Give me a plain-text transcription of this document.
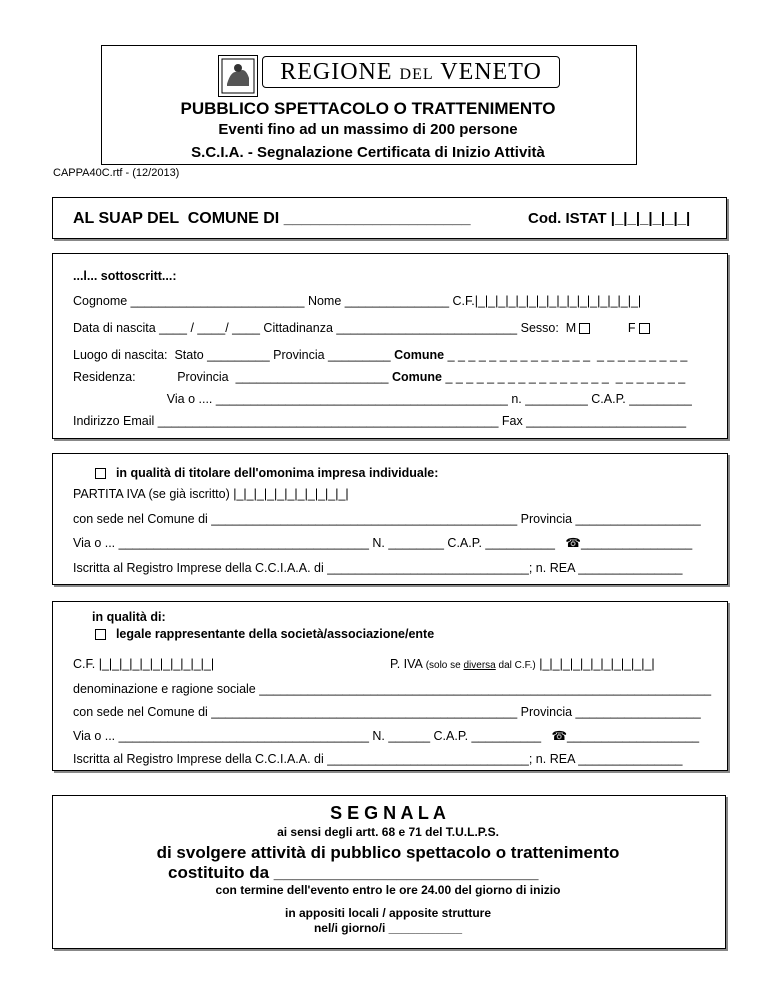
REGIONE DEL VENETO
PUBBLICO SPETTACOLO O TRATTENIMENTO
Eventi fino ad un massimo di 200 persone
S.C.I.A. - Segnalazione Certificata di Inizio Attività
CAPPA40C.rtf - (12/2013)
AL SUAP DEL  COMUNE DI _____________________	Cod. ISTAT |_|_|_|_|_|_|
...l... sottoscritt...:
Cognome _________________________ Nome _______________ C.F.|_|_|_|_|_|_|_|_|_|_|_|_|_|_|_|_|
Data di nascita ____ / ____/ ____ Cittadinanza __________________________ Sesso:  M	F
Luogo di nascita:  Stato _________ Provincia _________ Comune _ _ _ _ _ _ _ _ _ _ _ _ _ _  _ _ _ _ _ _ _ _ _
Residenza:            Provincia  ______________________ Comune _ _ _ _ _ _ _ _ _ _ _ _ _ _ _ _  _ _ _ _ _ _ _
Via o .... __________________________________________ n. _________ C.A.P. _________
Indirizzo Email _________________________________________________ Fax _______________________
in qualità di titolare dell'omonima impresa individuale:
PARTITA IVA (se già iscritto) |_|_|_|_|_|_|_|_|_|_|_|
con sede nel Comune di ____________________________________________ Provincia __________________
Via o ... ____________________________________ N. ________ C.A.P. __________ ☎________________
Iscritta al Registro Imprese della C.C.I.A.A. di _____________________________; n. REA _______________
in qualità di:
legale rappresentante della società/associazione/ente
C.F. |_|_|_|_|_|_|_|_|_|_|_|	P. IVA (solo se diversa dal C.F.) |_|_|_|_|_|_|_|_|_|_|_|
denominazione e ragione sociale _________________________________________________________________
con sede nel Comune di ____________________________________________ Provincia __________________
Via o ... ____________________________________ N. ______ C.A.P. __________ ☎___________________
Iscritta al Registro Imprese della C.C.I.A.A. di _____________________________; n. REA _______________
S E G N A L A
ai sensi degli artt. 68 e 71 del T.U.L.P.S.
di svolgere attività di pubblico spettacolo o trattenimento
costituito da ____________________________
con termine dell'evento entro le ore 24.00 del giorno di inizio
in appositi locali / apposite strutture
nel/i giorno/i ___________
